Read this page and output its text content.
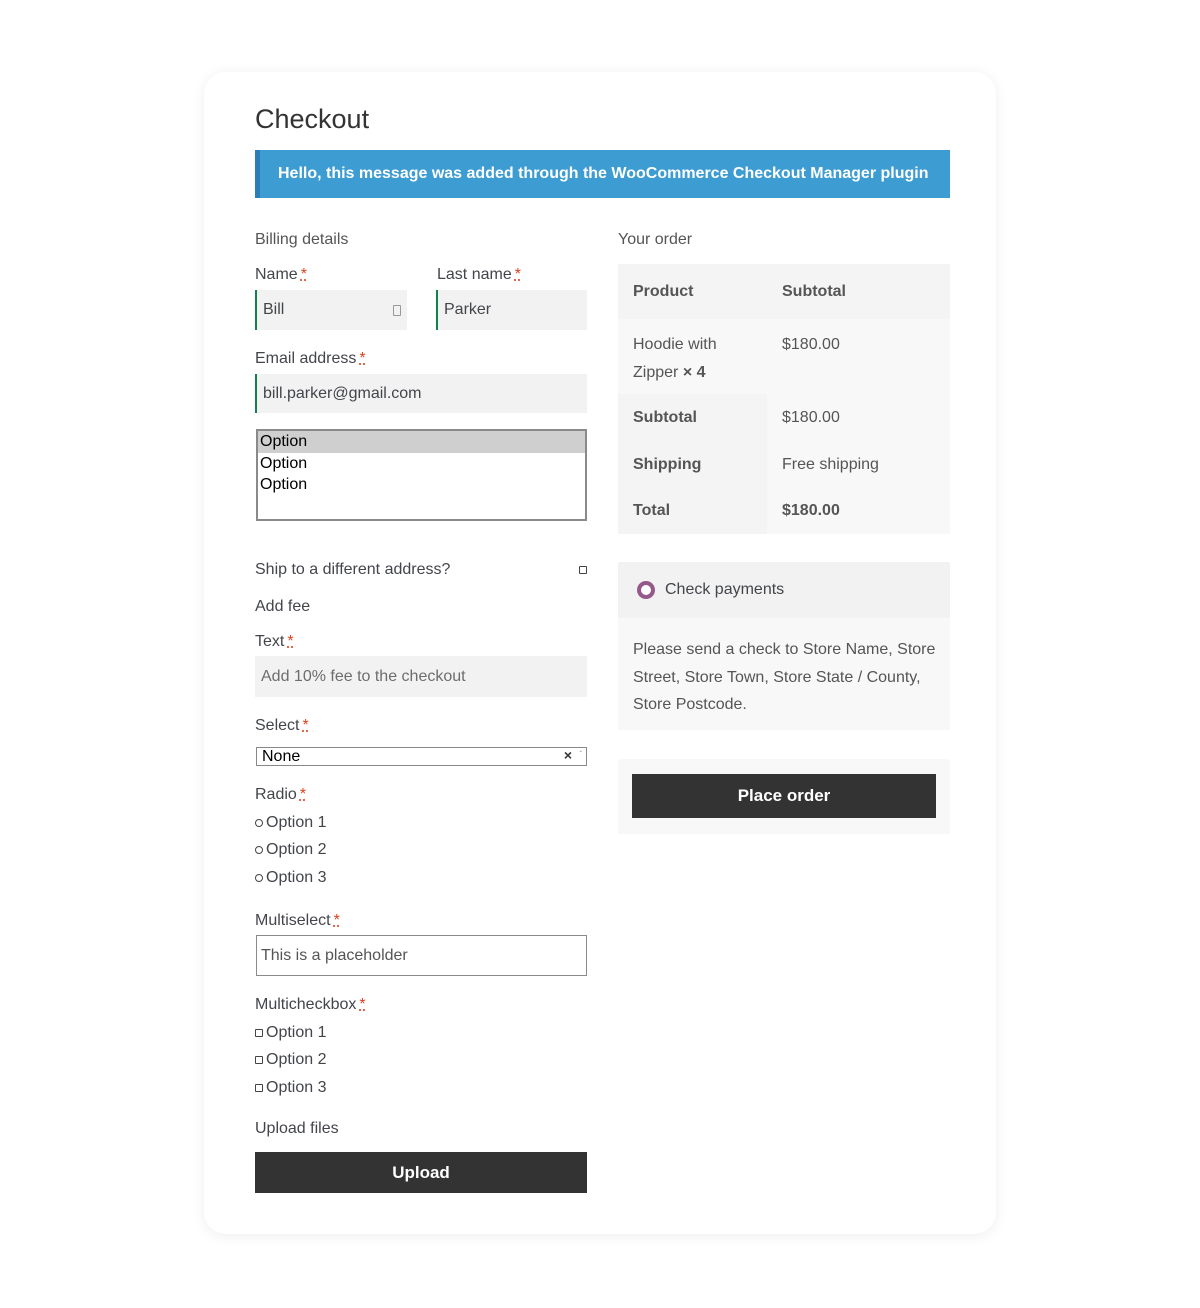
Checkout
Hello, this message was added through the WooCommerce Checkout Manager plugin
Billing details
Name *
Bill
Last name *
Parker
Email address *
bill.parker@gmail.com
Option
Option
Option
Ship to a different address?
Add fee
Text *
Add 10% fee to the checkout
Select *
None	× ˇ
Radio *
Option 1
Option 2
Option 3
Multiselect *
This is a placeholder
Multicheckbox *
Option 1
Option 2
Option 3
Upload files
Upload
Your order
Product	Subtotal
Hoodie with
Zipper × 4
$180.00
Subtotal	$180.00
Shipping	Free shipping
Total	$180.00
Check payments
Please send a check to Store Name, Store Street, Store Town, Store State / County, Store Postcode.
Place order
